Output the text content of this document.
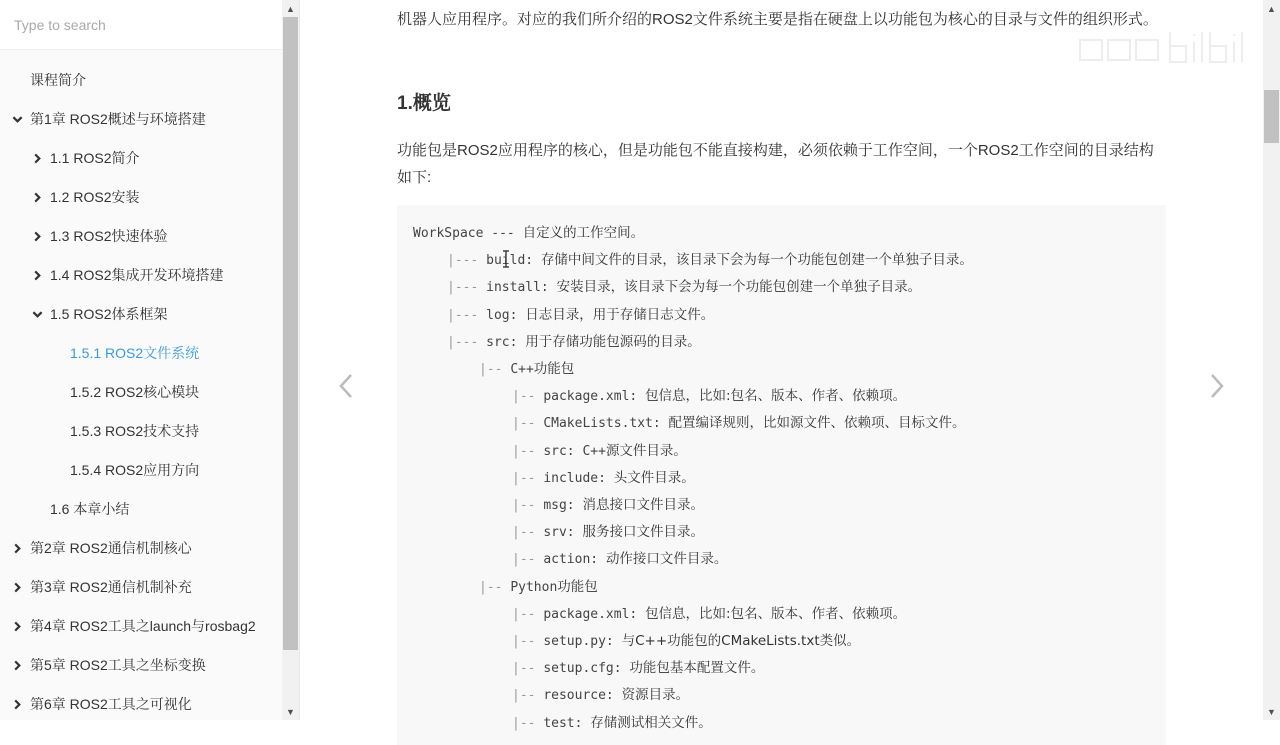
Type to search
课程简介
第1章 ROS2概述与环境搭建
1.1 ROS2简介
1.2 ROS2安装
1.3 ROS2快速体验
1.4 ROS2集成开发环境搭建
1.5 ROS2体系框架
1.5.1 ROS2文件系统
1.5.2 ROS2核心模块
1.5.3 ROS2技术支持
1.5.4 ROS2应用方向
1.6 本章小结
第2章 ROS2通信机制核心
第3章 ROS2通信机制补充
第4章 ROS2工具之launch与rosbag2
第5章 ROS2工具之坐标变换
第6章 ROS2工具之可视化
▲
▼

机器人应用程序。对应的我们所介绍的ROS2文件系统主要是指在硬盘上以功能包为核心的目录与文件的组织形式。

1.概览

功能包是ROS2应用程序的核心，但是功能包不能直接构建，必须依赖于工作空间，一个ROS2工作空间的目录结构如下:

WorkSpace --- 自定义的工作空间。
|--- build: 存储中间文件的目录，该目录下会为每一个功能包创建一个单独子目录。
|--- install: 安装目录，该目录下会为每一个功能包创建一个单独子目录。
|--- log: 日志目录，用于存储日志文件。
|--- src: 用于存储功能包源码的目录。
|-- C++功能包
|-- package.xml: 包信息，比如:包名、版本、作者、依赖项。
|-- CMakeLists.txt: 配置编译规则，比如源文件、依赖项、目标文件。
|-- src: C++源文件目录。
|-- include: 头文件目录。
|-- msg: 消息接口文件目录。
|-- srv: 服务接口文件目录。
|-- action: 动作接口文件目录。
|-- Python功能包
|-- package.xml: 包信息，比如:包名、版本、作者、依赖项。
|-- setup.py: 与C++功能包的CMakeLists.txt类似。
|-- setup.cfg: 功能包基本配置文件。
|-- resource: 资源目录。
|-- test: 存储测试相关文件。
▲
▼
